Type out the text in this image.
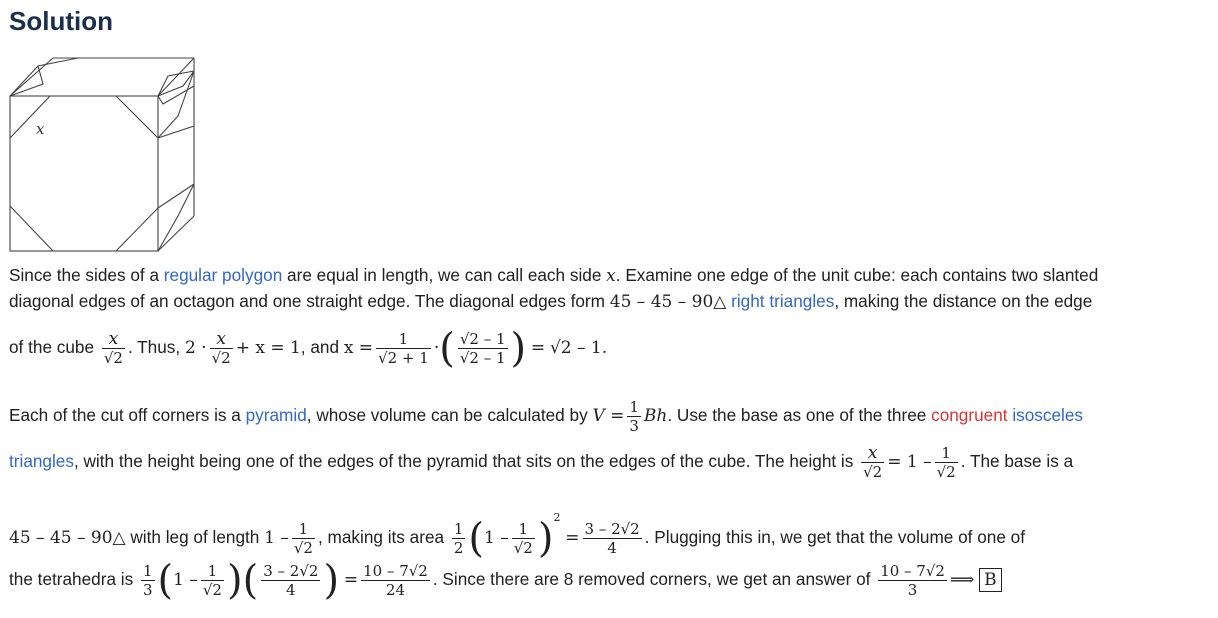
Solution
x
Since the sides of a regular polygon are equal in length, we can call each side x. Examine one edge of the unit cube: each contains two slanted
diagonal edges of an octagon and one straight edge. The diagonal edges form 45 – 45 – 90△ right triangles, making the distance on the edge
of the cube $\frac{x}{√2}$ . Thus, $2 \cdot \frac{x}{√2} + x = 1$, and $x = \frac{1}{√2 + 1}$ ·( $\frac{√2 - 1}{√2 - 1}$ ) = √2 – 1.
Each of the cut off corners is a pyramid, whose volume can be calculated by $V = \frac{1}{3} Bh$. Use the base as one of the three congruent isosceles
triangles, with the height being one of the edges of the pyramid that sits on the edges of the cube. The height is $\frac{x}{√2} = 1 - \frac{1}{√2}$ . The base is a
45 – 45 – 90△ with leg of length $1 - \frac{1}{√2}$ , making its area $\frac{1}{2} (1 - \frac{1}{√2} )^2 = \frac{3 - 2√2}{4}$ . Plugging this in, we get that the volume of one of
the tetrahedra is $\frac{1}{3} (1 - \frac{1}{√2}$ )( $\frac{3 - 2√2}{4}$ ) = $\frac{10 - 7√2}{24}$ . Since there are 8 removed corners, we get an answer of $\frac{10 - 7√2}{3}$ ⟹ B
